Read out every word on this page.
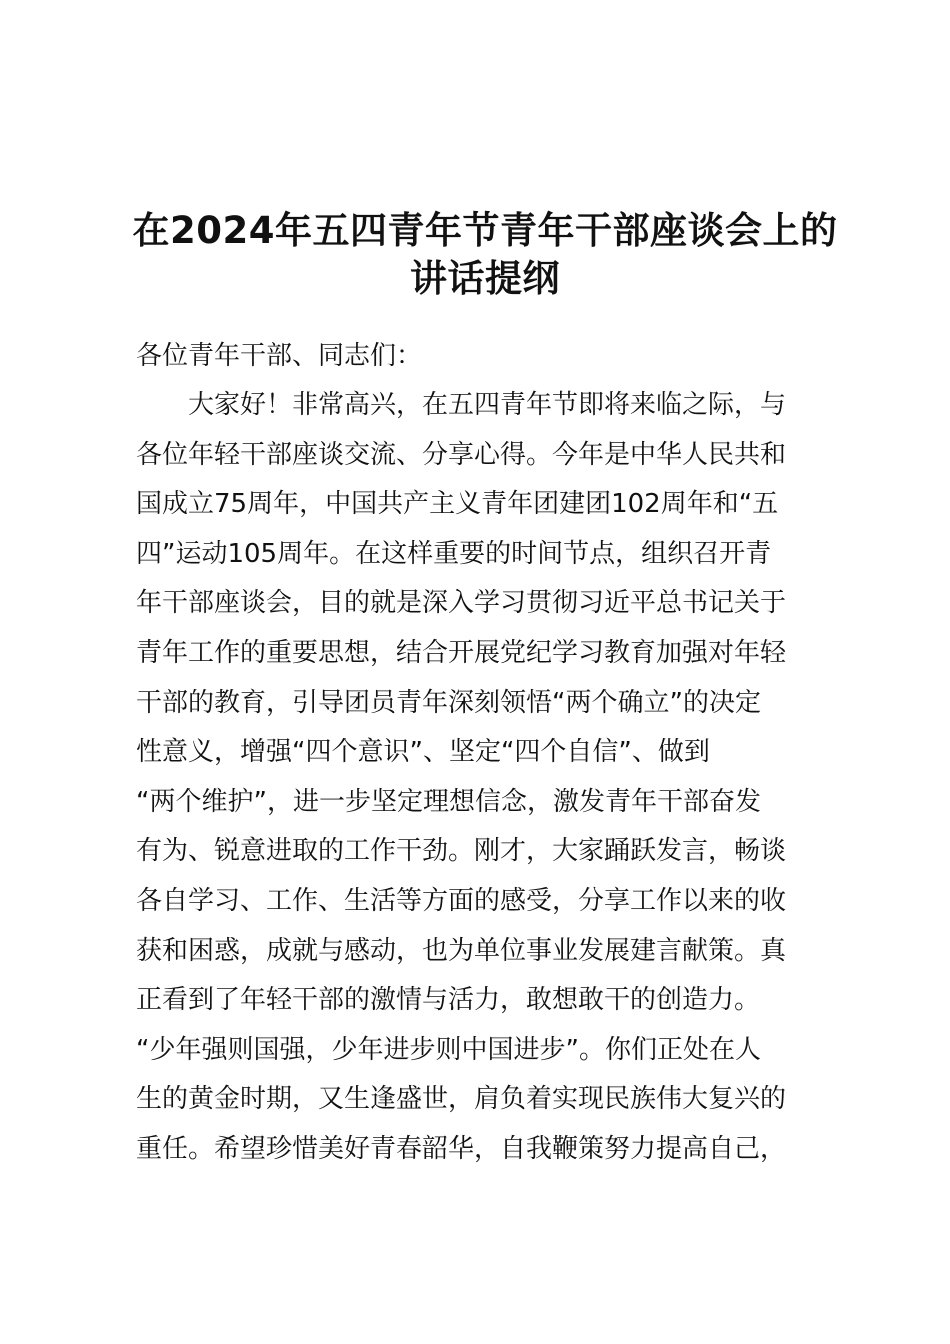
在2024年五四青年节青年干部座谈会上的
讲话提纲

各位青年干部、同志们：

大家好！非常高兴，在五四青年节即将来临之际，与
各位年轻干部座谈交流、分享心得。今年是中华人民共和
国成立75周年，中国共产主义青年团建团102周年和“五
四”运动105周年。在这样重要的时间节点，组织召开青
年干部座谈会，目的就是深入学习贯彻习近平总书记关于
青年工作的重要思想，结合开展党纪学习教育加强对年轻
干部的教育，引导团员青年深刻领悟“两个确立”的决定
性意义，增强“四个意识”、坚定“四个自信”、做到
“两个维护”，进一步坚定理想信念，激发青年干部奋发
有为、锐意进取的工作干劲。刚才，大家踊跃发言，畅谈
各自学习、工作、生活等方面的感受，分享工作以来的收
获和困惑，成就与感动，也为单位事业发展建言献策。真
正看到了年轻干部的激情与活力，敢想敢干的创造力。
“少年强则国强，少年进步则中国进步”。你们正处在人
生的黄金时期，又生逢盛世，肩负着实现民族伟大复兴的
重任。希望珍惜美好青春韶华，自我鞭策努力提高自己，
